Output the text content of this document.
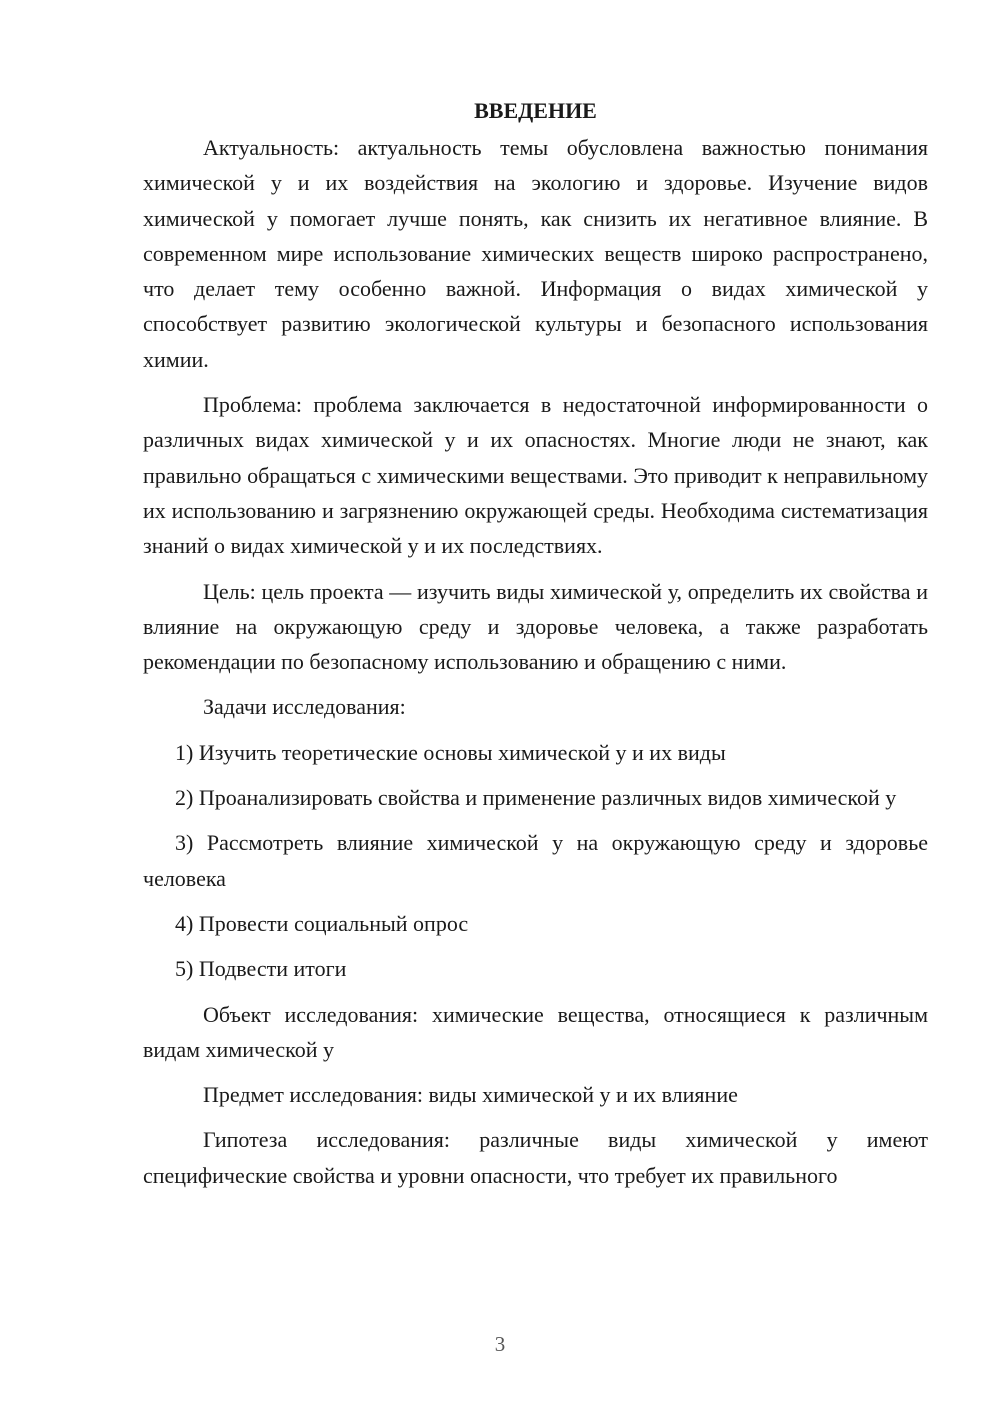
ВВЕДЕНИЕ

Актуальность: актуальность темы обусловлена важностью понимания химической у и их воздействия на экологию и здоровье. Изучение видов химической у помогает лучше понять, как снизить их негативное влияние. В современном мире использование химических веществ широко распространено, что делает тему особенно важной. Информация о видах химической у способствует развитию экологической культуры и безопасного использования химии.

Проблема: проблема заключается в недостаточной информированности о различных видах химической у и их опасностях. Многие люди не знают, как правильно обращаться с химическими веществами. Это приводит к неправильному их использованию и загрязнению окружающей среды. Необходима систематизация знаний о видах химической у и их последствиях.

Цель: цель проекта — изучить виды химической у, определить их свойства и влияние на окружающую среду и здоровье человека, а также разработать рекомендации по безопасному использованию и обращению с ними.

Задачи исследования:

1) Изучить теоретические основы химической у и их виды

2) Проанализировать свойства и применение различных видов химической у

3) Рассмотреть влияние химической у на окружающую среду и здоровье человека

4) Провести социальный опрос

5) Подвести итоги

Объект исследования: химические вещества, относящиеся к различным видам химической у

Предмет исследования: виды химической у и их влияние

Гипотеза исследования: различные виды химической у имеют специфические свойства и уровни опасности, что требует их правильного

3
